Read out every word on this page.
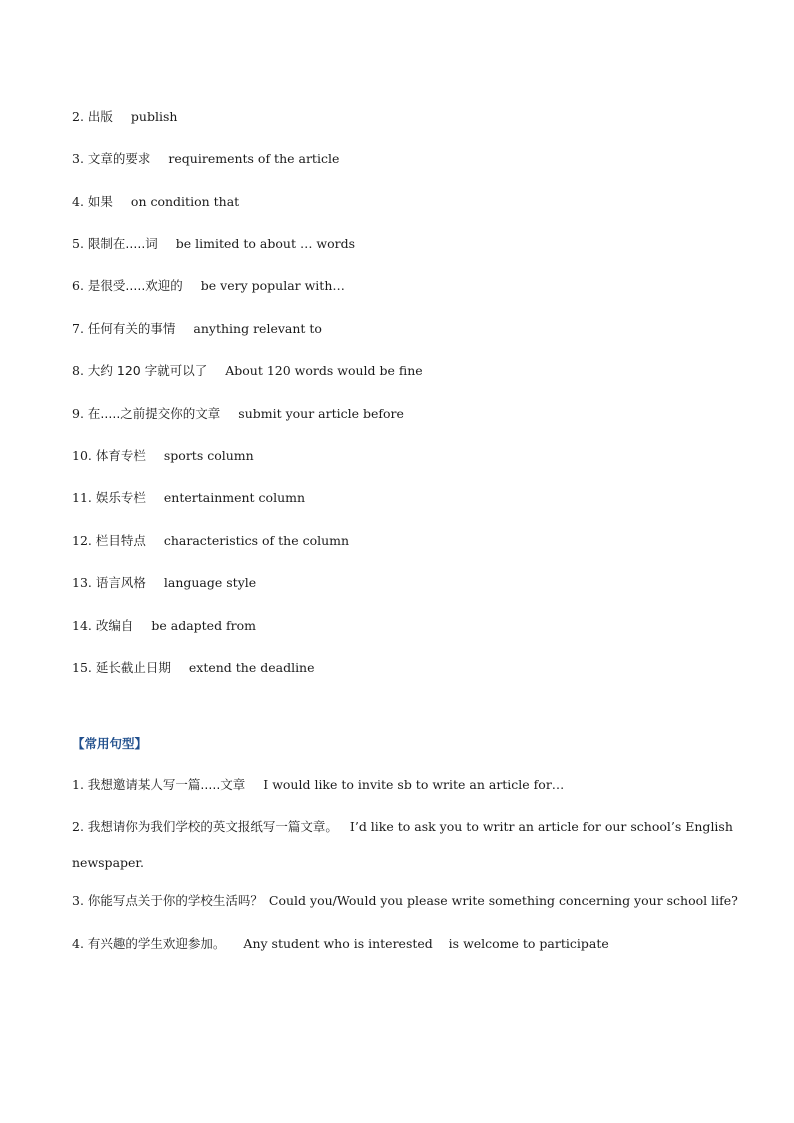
2. 出版 publish
3. 文章的要求 requirements of the article
4. 如果 on condition that
5. 限制在.....词 be limited to about … words
6. 是很受.....欢迎的 be very popular with…
7. 任何有关的事情 anything relevant to
8. 大约 120 字就可以了 About 120 words would be fine
9. 在.....之前提交你的文章 submit your article before
10. 体育专栏 sports column
11. 娱乐专栏 entertainment column
12. 栏目特点 characteristics of the column
13. 语言风格 language style
14. 改编自 be adapted from
15. 延长截止日期 extend the deadline
【常用句型】
1. 我想邀请某人写一篇.....文章 I would like to invite sb to write an article for…
2. 我想请你为我们学校的英文报纸写一篇文章。 I’d like to ask you to writr an article for our school’s English
newspaper.
3. 你能写点关于你的学校生活吗？ Could you/Would you please write something concerning your school life?
4. 有兴趣的学生欢迎参加。 Any student who is interested    is welcome to participate
